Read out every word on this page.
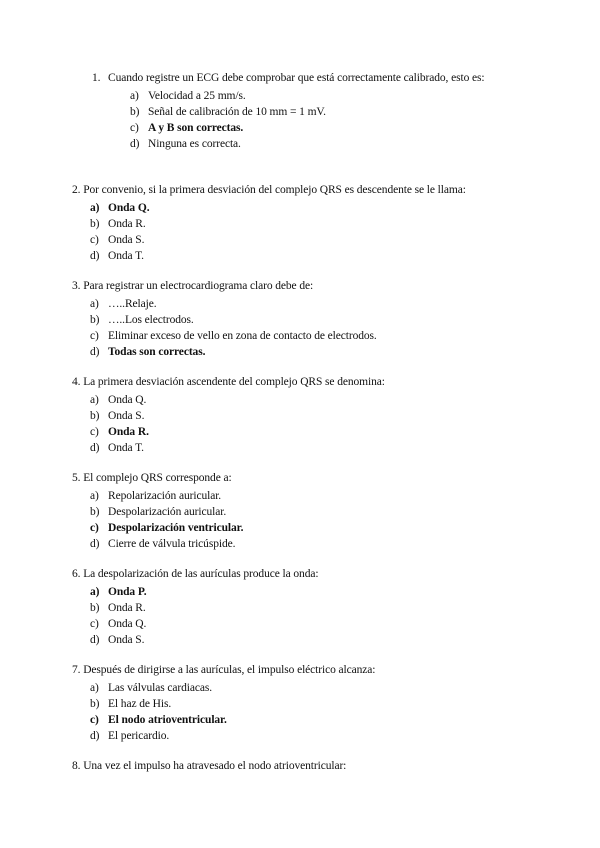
1. Cuando registre un ECG debe comprobar que está correctamente calibrado, esto es:
a) Velocidad a 25 mm/s.
b) Señal de calibración de 10 mm = 1 mV.
c) A y B son correctas.
d) Ninguna es correcta.
2. Por convenio, si la primera desviación del complejo QRS es descendente se le llama:
a) Onda Q.
b) Onda R.
c) Onda S.
d) Onda T.
3. Para registrar un electrocardiograma claro debe de:
a) …..Relaje.
b) …..Los electrodos.
c) Eliminar exceso de vello en zona de contacto de electrodos.
d) Todas son correctas.
4. La primera desviación ascendente del complejo QRS se denomina:
a) Onda Q.
b) Onda S.
c) Onda R.
d) Onda T.
5. El complejo QRS corresponde a:
a) Repolarización auricular.
b) Despolarización auricular.
c) Despolarización ventricular.
d) Cierre de válvula tricúspide.
6. La despolarización de las aurículas produce la onda:
a) Onda P.
b) Onda R.
c) Onda Q.
d) Onda S.
7. Después de dirigirse a las aurículas, el impulso eléctrico alcanza:
a) Las válvulas cardiacas.
b) El haz de His.
c) El nodo atrioventricular.
d) El pericardio.
8. Una vez el impulso ha atravesado el nodo atrioventricular:
